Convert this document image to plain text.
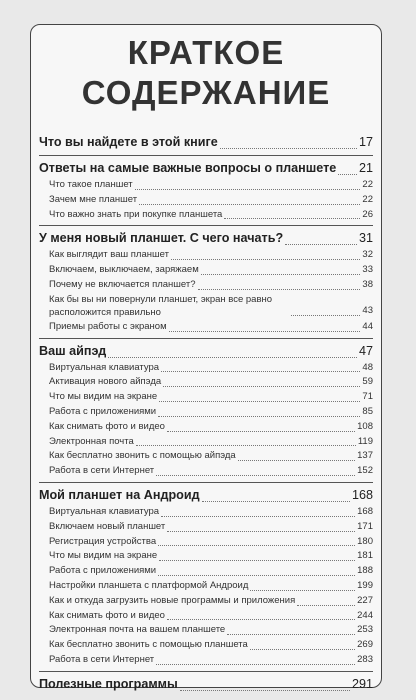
КРАТКОЕ
СОДЕРЖАНИЕ
Что вы найдете в этой книге	17
Ответы на самые важные вопросы о планшете 21
Что такое планшет	22
Зачем мне планшет	22
Что важно знать при покупке планшета	26
У меня новый планшет. С чего начать?	31
Как выглядит ваш планшет	32
Включаем, выключаем, заряжаем	33
Почему не включается планшет?	38
Как бы вы ни повернули планшет, экран все равно расположится правильно	43
Приемы работы с экраном	44
Ваш айпэд	47
Виртуальная клавиатура	48
Активация нового айпэда	59
Что мы видим на экране	71
Работа с приложениями	85
Как снимать фото и видео	108
Электронная почта	119
Как бесплатно звонить с помощью айпэда	137
Работа в сети Интернет	152
Мой планшет на Андроид	168
Виртуальная клавиатура	168
Включаем новый планшет	171
Регистрация устройства	180
Что мы видим на экране	181
Работа с приложениями	188
Настройки планшета с платформой Андроид	199
Как и откуда загрузить новые программы и приложения	227
Как снимать фото и видео	244
Электронная почта на вашем планшете	253
Как бесплатно звонить с помощью планшета	269
Работа в сети Интернет	283
Полезные программы	291
